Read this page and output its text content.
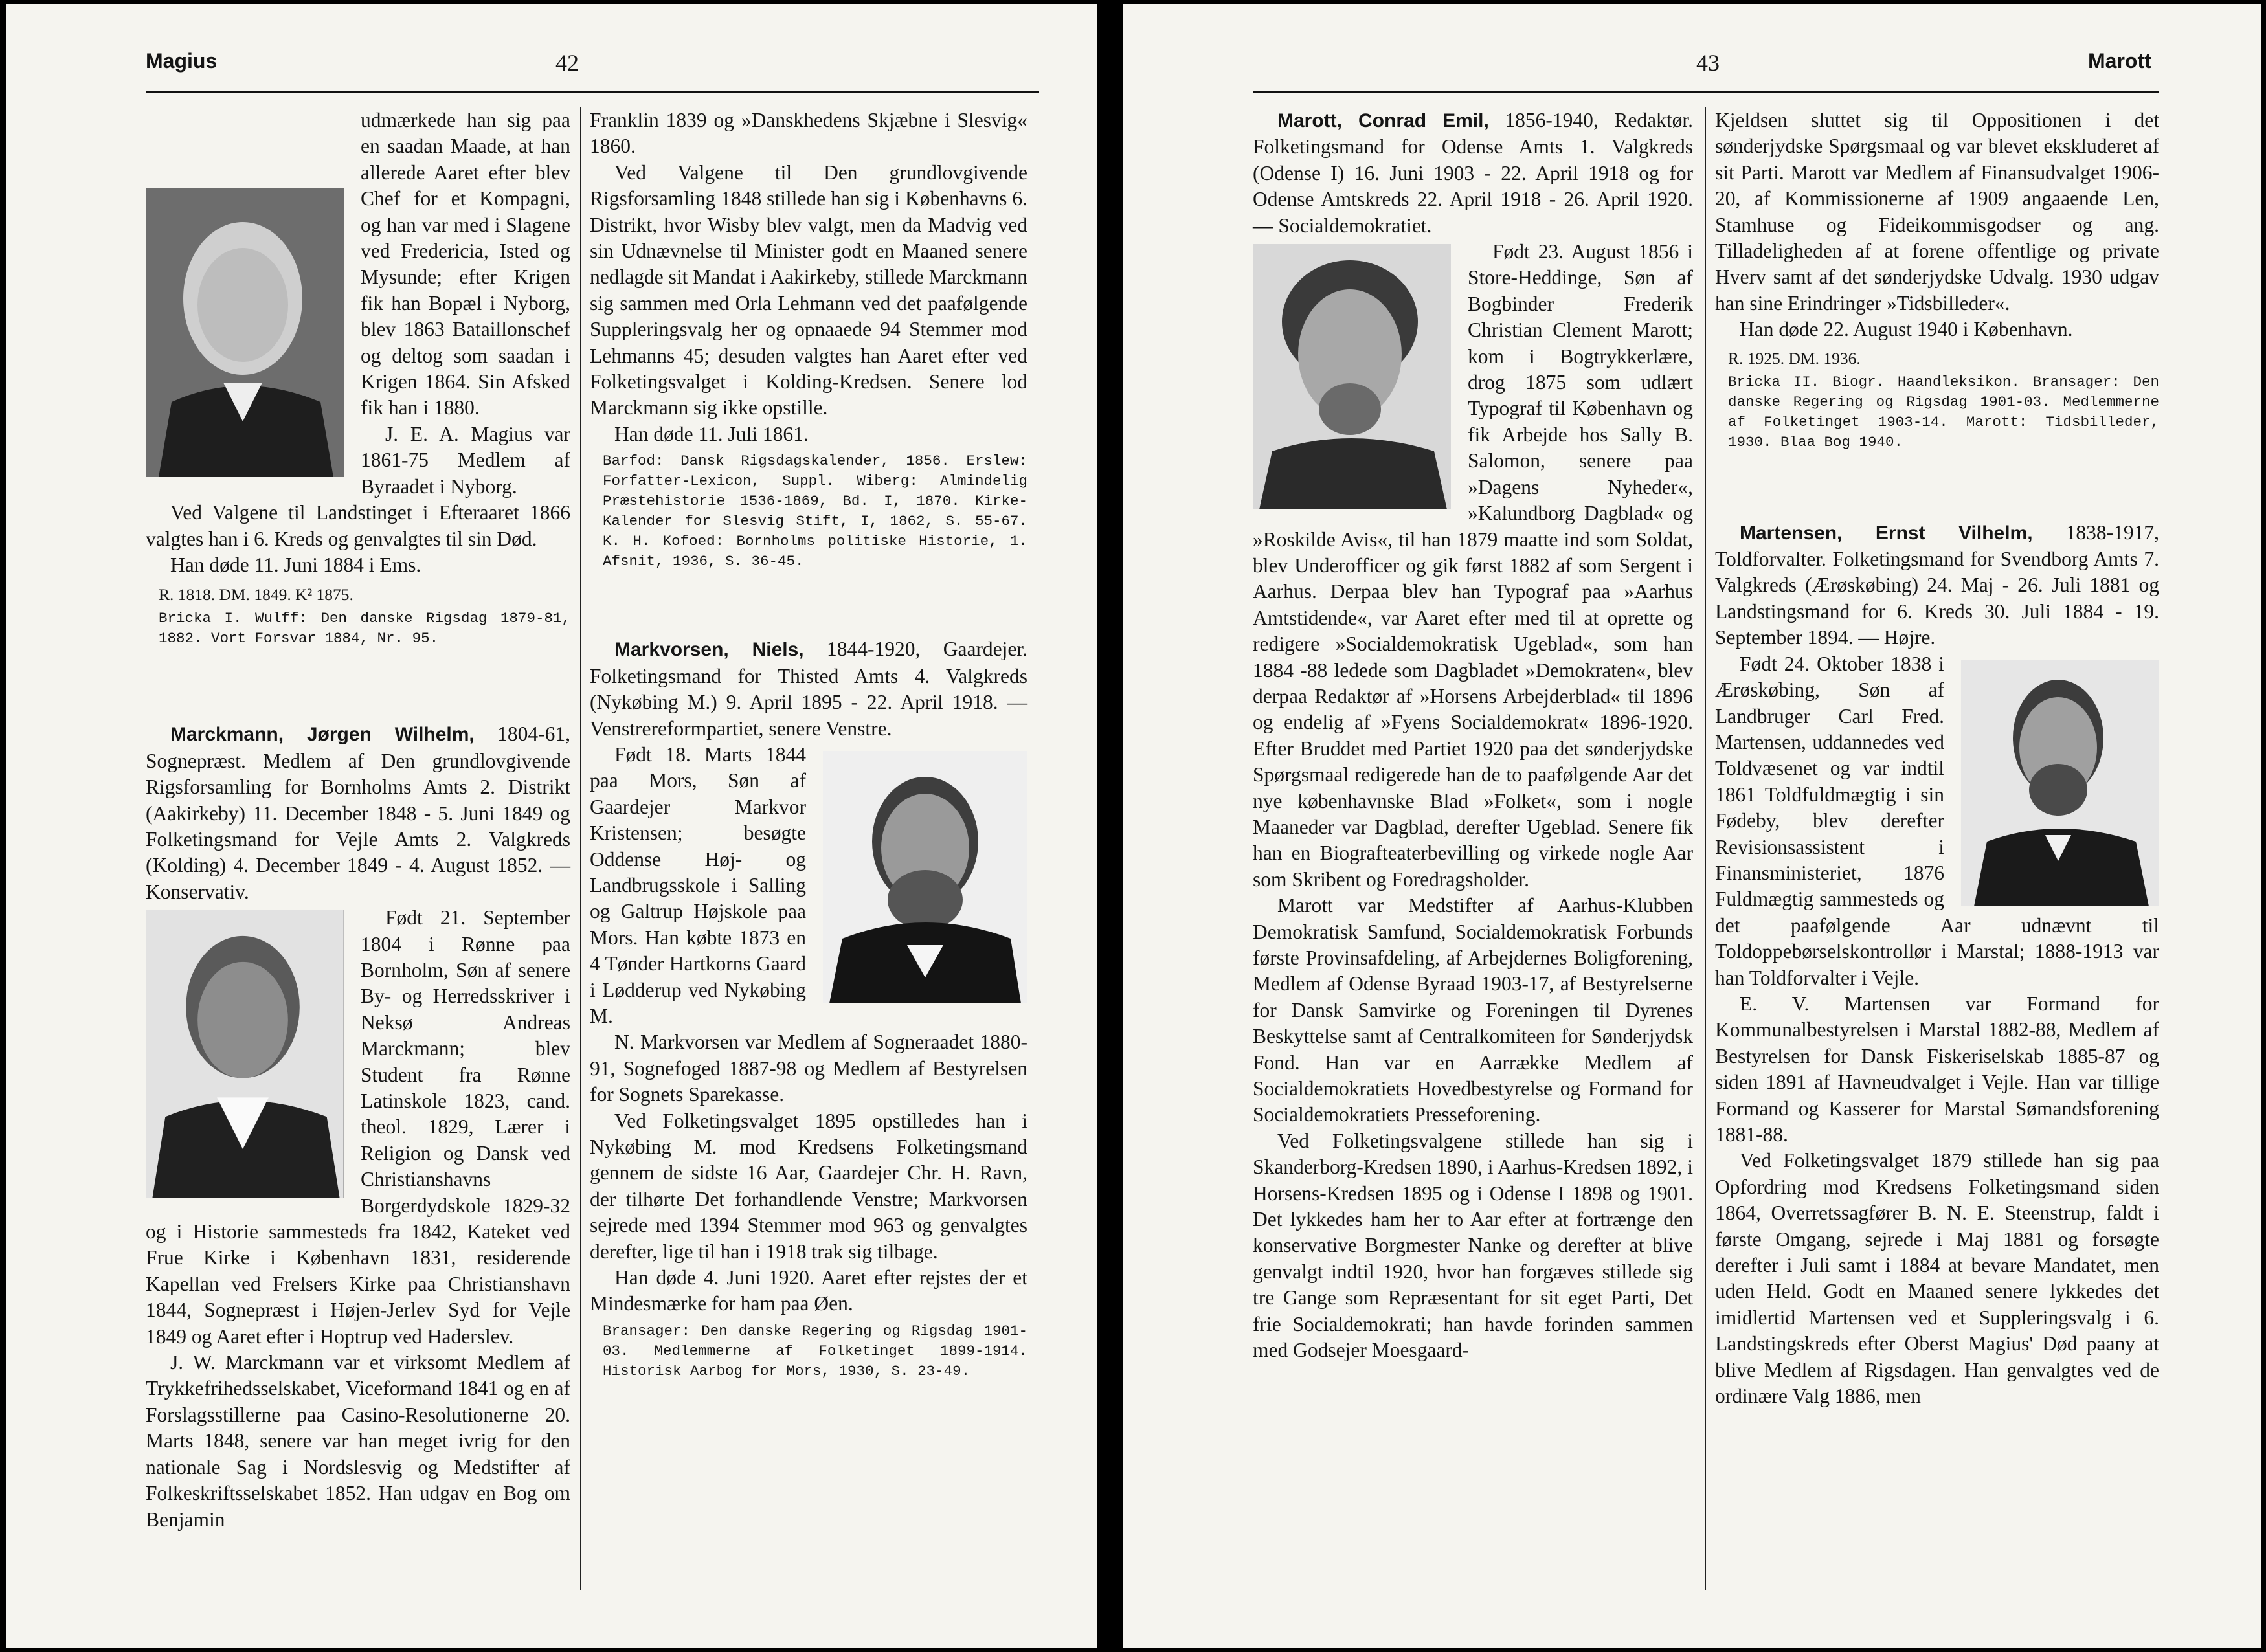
Magius	42

udmærkede han sig paa en saadan Maade, at han allerede Aaret efter blev Chef for et Kompagni, og han var med i Slagene ved Fredericia, Isted og Mysunde; efter Krigen fik han Bopæl i Nyborg, blev 1863 Bataillonschef og deltog som saadan i Krigen 1864. Sin Afsked fik han i 1880.

J. E. A. Magius var 1861-75 Medlem af Byraadet i Nyborg.

Ved Valgene til Landstinget i Efteraaret 1866 valgtes han i 6. Kreds og genvalgtes til sin Død.

Han døde 11. Juni 1884 i Ems.

R. 1818. DM. 1849. K² 1875.

Bricka I. Wulff: Den danske Rigsdag 1879-81, 1882. Vort Forsvar 1884, Nr. 95.

Marckmann, Jørgen Wilhelm, 1804-61, Sognepræst. Medlem af Den grundlovgivende Rigsforsamling for Bornholms Amts 2. Distrikt (Aakirkeby) 11. December 1848 - 5. Juni 1849 og Folketingsmand for Vejle Amts 2. Valgkreds (Kolding) 4. December 1849 - 4. August 1852. — Konservativ.

Født 21. September 1804 i Rønne paa Bornholm, Søn af senere By- og Herredsskriver i Neksø Andreas Marckmann; blev Student fra Rønne Latinskole 1823, cand. theol. 1829, Lærer i Religion og Dansk ved Christianshavns Borgerdydskole 1829-32 og i Historie sammesteds fra 1842, Kateket ved Frue Kirke i København 1831, residerende Kapellan ved Frelsers Kirke paa Christianshavn 1844, Sognepræst i Højen-Jerlev Syd for Vejle 1849 og Aaret efter i Hoptrup ved Haderslev.

J. W. Marckmann var et virksomt Medlem af Trykkefrihedsselskabet, Viceformand 1841 og en af Forslagsstillerne paa Casino-Resolutionerne 20. Marts 1848, senere var han meget ivrig for den nationale Sag i Nordslesvig og Medstifter af Folkeskriftsselskabet 1852. Han udgav en Bog om Benjamin

Franklin 1839 og »Danskhedens Skjæbne i Slesvig« 1860.

Ved Valgene til Den grundlovgivende Rigsforsamling 1848 stillede han sig i Københavns 6. Distrikt, hvor Wisby blev valgt, men da Madvig ved sin Udnævnelse til Minister godt en Maaned senere nedlagde sit Mandat i Aakirkeby, stillede Marckmann sig sammen med Orla Lehmann ved det paafølgende Suppleringsvalg her og opnaaede 94 Stemmer mod Lehmanns 45; desuden valgtes han Aaret efter ved Folketingsvalget i Kolding-Kredsen. Senere lod Marckmann sig ikke opstille.

Han døde 11. Juli 1861.

Barfod: Dansk Rigsdagskalender, 1856. Erslew: Forfatter-Lexicon, Suppl. Wiberg: Almindelig Præstehistorie 1536-1869, Bd. I, 1870. Kirke-Kalender for Slesvig Stift, I, 1862, S. 55-67. K. H. Kofoed: Bornholms politiske Historie, 1. Afsnit, 1936, S. 36-45.

Markvorsen, Niels, 1844-1920, Gaardejer. Folketingsmand for Thisted Amts 4. Valgkreds (Nykøbing M.) 9. April 1895 - 22. April 1918. — Venstrereformpartiet, senere Venstre.

Født 18. Marts 1844 paa Mors, Søn af Gaardejer Markvor Kristensen; besøgte Oddense Høj- og Landbrugsskole i Salling og Galtrup Højskole paa Mors. Han købte 1873 en 4 Tønder Hartkorns Gaard i Lødderup ved Nykøbing M.

N. Markvorsen var Medlem af Sogneraadet 1880-91, Sognefoged 1887-98 og Medlem af Bestyrelsen for Sognets Sparekasse.

Ved Folketingsvalget 1895 opstilledes han i Nykøbing M. mod Kredsens Folketingsmand gennem de sidste 16 Aar, Gaardejer Chr. H. Ravn, der tilhørte Det forhandlende Venstre; Markvorsen sejrede med 1394 Stemmer mod 963 og genvalgtes derefter, lige til han i 1918 trak sig tilbage.

Han døde 4. Juni 1920. Aaret efter rejstes der et Mindesmærke for ham paa Øen.

Bransager: Den danske Regering og Rigsdag 1901-03. Medlemmerne af Folketinget 1899-1914. Historisk Aarbog for Mors, 1930, S. 23-49.

43	Marott

Marott, Conrad Emil, 1856-1940, Redaktør. Folketingsmand for Odense Amts 1. Valgkreds (Odense I) 16. Juni 1903 - 22. April 1918 og for Odense Amtskreds 22. April 1918 - 26. April 1920. — Socialdemokratiet.

Født 23. August 1856 i Store-Heddinge, Søn af Bogbinder Frederik Christian Clement Marott; kom i Bogtrykkerlære, drog 1875 som udlært Typograf til København og fik Arbejde hos Sally B. Salomon, senere paa »Dagens Nyheder«, »Kalundborg Dagblad« og »Roskilde Avis«, til han 1879 maatte ind som Soldat, blev Underofficer og gik først 1882 af som Sergent i Aarhus. Derpaa blev han Typograf paa »Aarhus Amtstidende«, var Aaret efter med til at oprette og redigere »Socialdemokratisk Ugeblad«, som han 1884 -88 ledede som Dagbladet »Demokraten«, blev derpaa Redaktør af »Horsens Arbejderblad« til 1896 og endelig af »Fyens Socialdemokrat« 1896-1920. Efter Bruddet med Partiet 1920 paa det sønderjydske Spørgsmaal redigerede han de to paafølgende Aar det nye københavnske Blad »Folket«, som i nogle Maaneder var Dagblad, derefter Ugeblad. Senere fik han en Biografteaterbevilling og virkede nogle Aar som Skribent og Foredragsholder.

Marott var Medstifter af Aarhus-Klubben Demokratisk Samfund, Socialdemokratisk Forbunds første Provinsafdeling, af Arbejdernes Boligforening, Medlem af Odense Byraad 1903-17, af Bestyrelserne for Dansk Samvirke og Foreningen til Dyrenes Beskyttelse samt af Centralkomiteen for Sønderjydsk Fond. Han var en Aarrække Medlem af Socialdemokratiets Hovedbestyrelse og Formand for Socialdemokratiets Presseforening.

Ved Folketingsvalgene stillede han sig i Skanderborg-Kredsen 1890, i Aarhus-Kredsen 1892, i Horsens-Kredsen 1895 og i Odense I 1898 og 1901. Det lykkedes ham her to Aar efter at fortrænge den konservative Borgmester Nanke og derefter at blive genvalgt indtil 1920, hvor han forgæves stillede sig tre Gange som Repræsentant for sit eget Parti, Det frie Socialdemokrati; han havde forinden sammen med Godsejer Moesgaard-

Kjeldsen sluttet sig til Oppositionen i det sønderjydske Spørgsmaal og var blevet ekskluderet af sit Parti. Marott var Medlem af Finansudvalget 1906-20, af Kommissionerne af 1909 angaaende Len, Stamhuse og Fideikommisgodser og ang. Tilladeligheden af at forene offentlige og private Hverv samt af det sønderjydske Udvalg. 1930 udgav han sine Erindringer »Tidsbilleder«.

Han døde 22. August 1940 i København.

R. 1925. DM. 1936.

Bricka II. Biogr. Haandleksikon. Bransager: Den danske Regering og Rigsdag 1901-03. Medlemmerne af Folketinget 1903-14. Marott: Tidsbilleder, 1930. Blaa Bog 1940.

Martensen, Ernst Vilhelm, 1838-1917, Toldforvalter. Folketingsmand for Svendborg Amts 7. Valgkreds (Ærøskøbing) 24. Maj - 26. Juli 1881 og Landstingsmand for 6. Kreds 30. Juli 1884 - 19. September 1894. — Højre.

Født 24. Oktober 1838 i Ærøskøbing, Søn af Landbruger Carl Fred. Martensen, uddannedes ved Toldvæsenet og var indtil 1861 Toldfuldmægtig i sin Fødeby, blev derefter Revisionsassistent i Finansministeriet, 1876 Fuldmægtig sammesteds og det paafølgende Aar udnævnt til Toldoppebørselskontrollør i Marstal; 1888-1913 var han Toldforvalter i Vejle.

E. V. Martensen var Formand for Kommunalbestyrelsen i Marstal 1882-88, Medlem af Bestyrelsen for Dansk Fiskeriselskab 1885-87 og siden 1891 af Havneudvalget i Vejle. Han var tillige Formand og Kasserer for Marstal Sømandsforening 1881-88.

Ved Folketingsvalget 1879 stillede han sig paa Opfordring mod Kredsens Folketingsmand siden 1864, Overretssagfører B. N. E. Steenstrup, faldt i første Omgang, sejrede i Maj 1881 og forsøgte derefter i Juli samt i 1884 at bevare Mandatet, men uden Held. Godt en Maaned senere lykkedes det imidlertid Martensen ved et Suppleringsvalg i 6. Landstingskreds efter Oberst Magius' Død paany at blive Medlem af Rigsdagen. Han genvalgtes ved de ordinære Valg 1886, men
